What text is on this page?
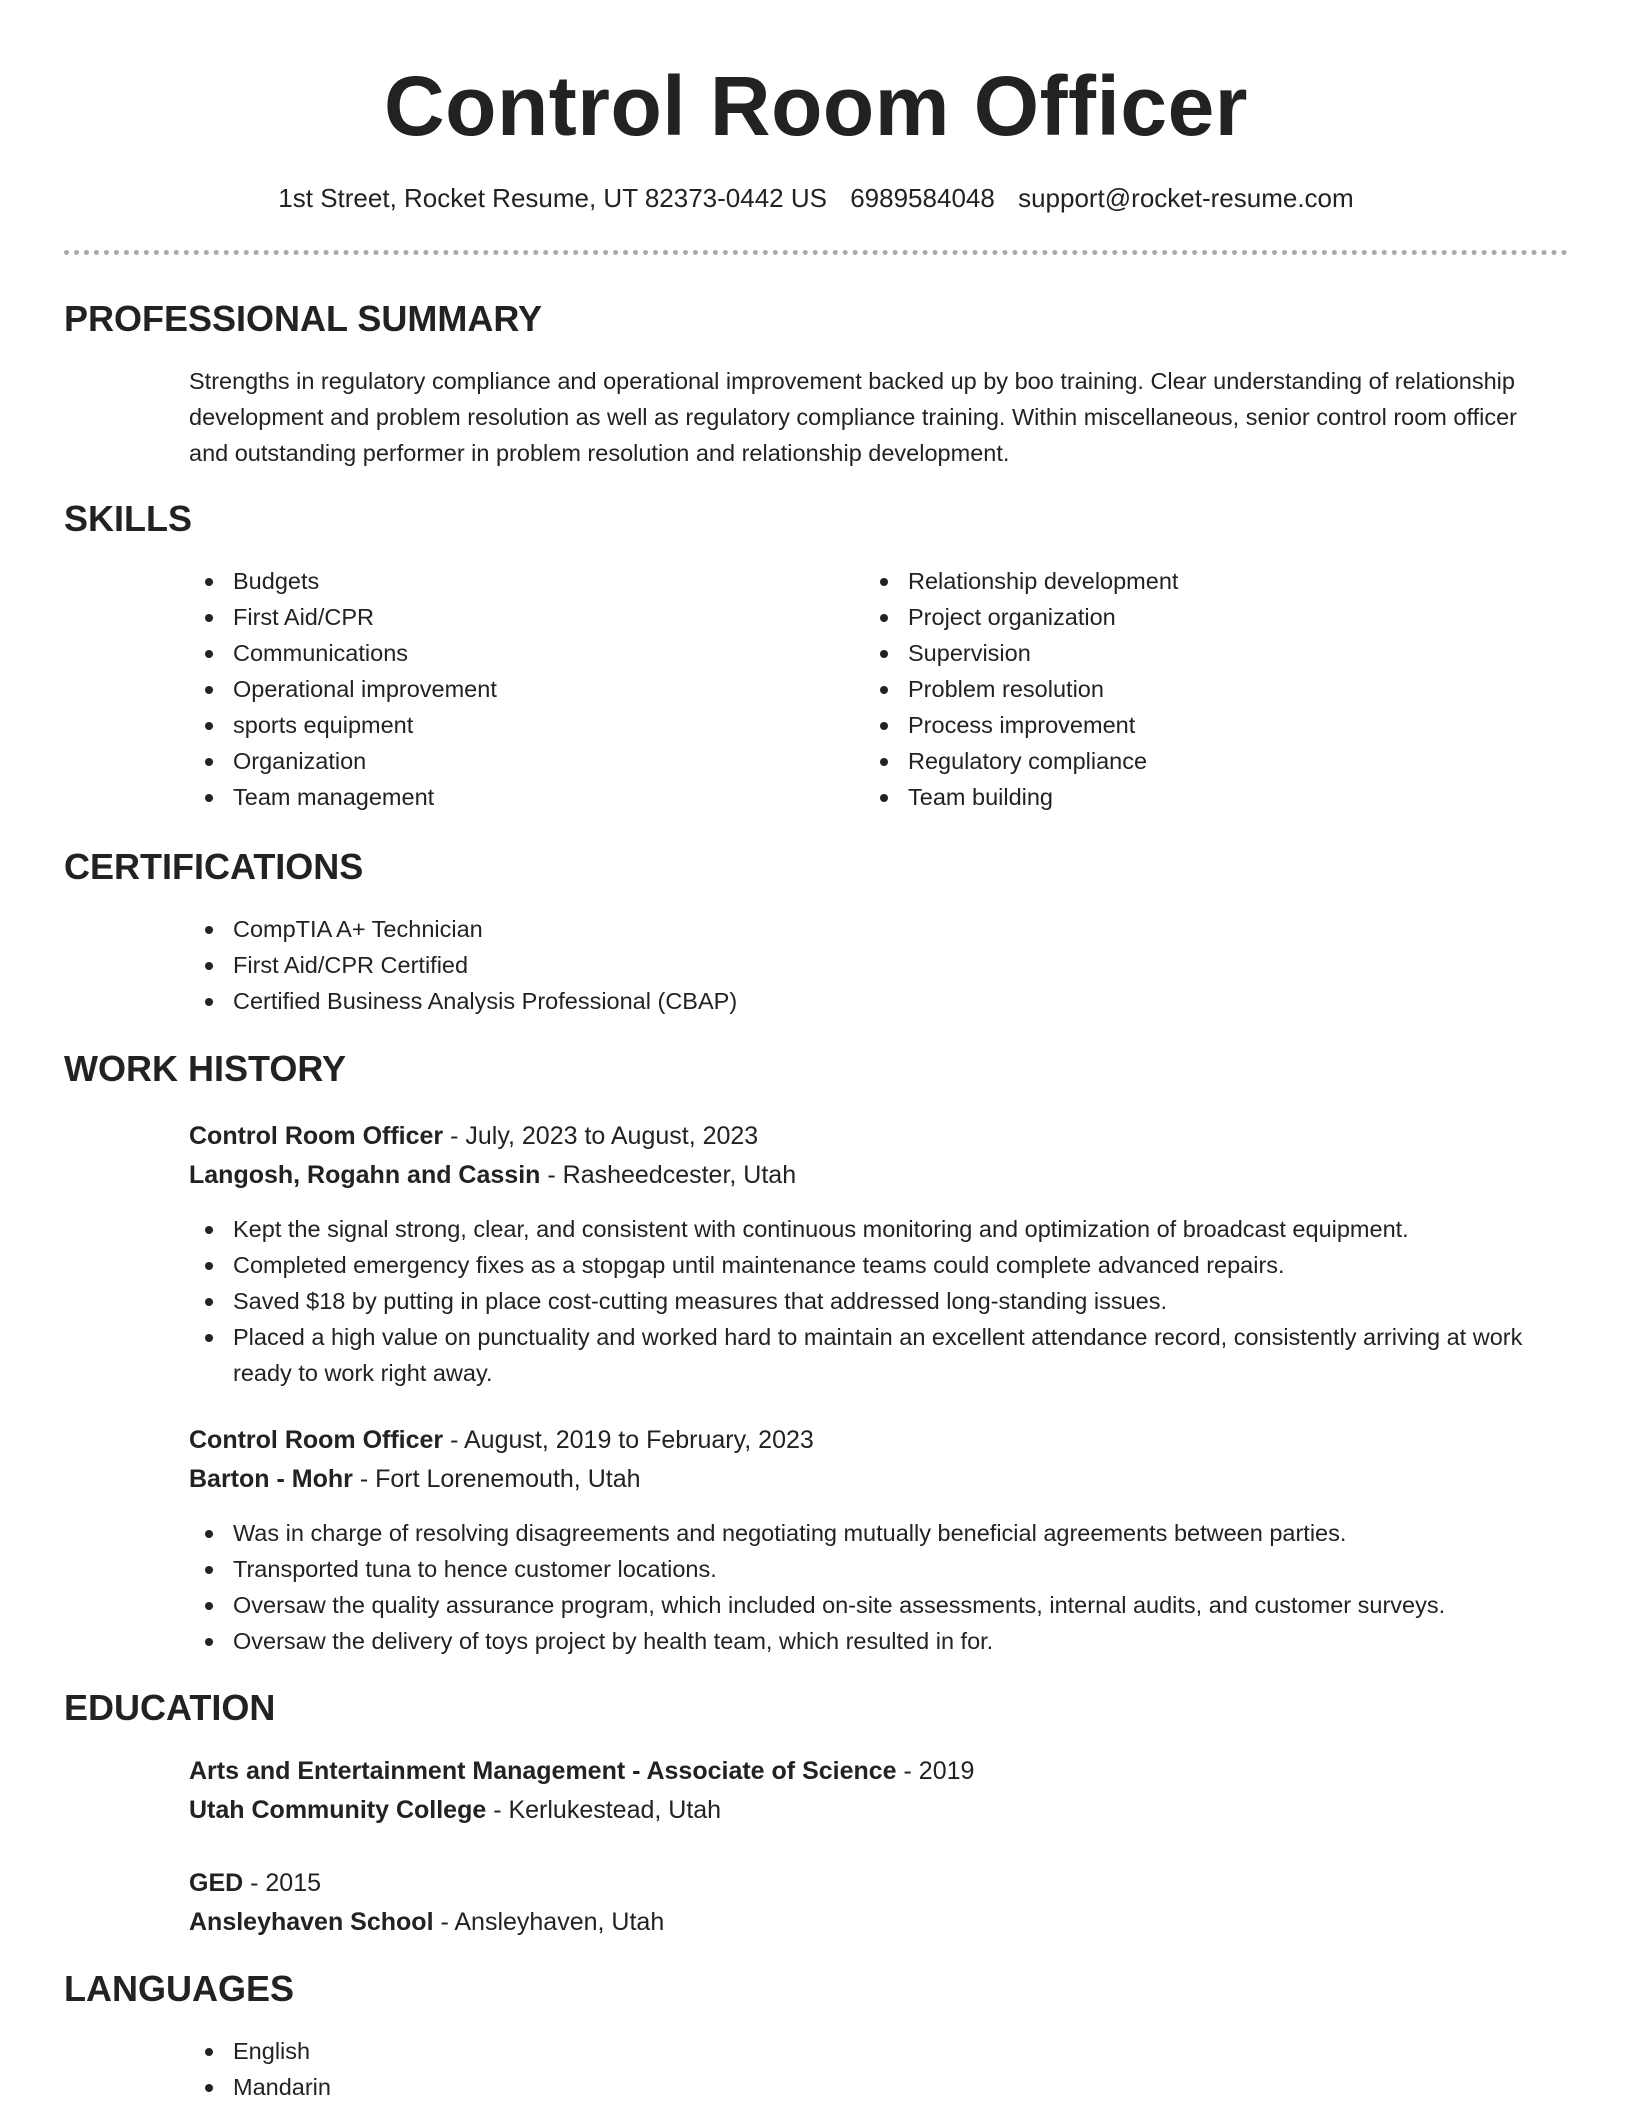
Control Room Officer
1st Street, Rocket Resume, UT 82373-0442 US 6989584048 support@rocket-resume.com
PROFESSIONAL SUMMARY

Strengths in regulatory compliance and operational improvement backed up by boo training. Clear understanding of relationship development and problem resolution as well as regulatory compliance training. Within miscellaneous, senior control room officer and outstanding performer in problem resolution and relationship development.

SKILLS
Budgets
First Aid/CPR
Communications
Operational improvement
sports equipment
Organization
Team management
Relationship development
Project organization
Supervision
Problem resolution
Process improvement
Regulatory compliance
Team building
CERTIFICATIONS
CompTIA A+ Technician
First Aid/CPR Certified
Certified Business Analysis Professional (CBAP)
WORK HISTORY

Control Room Officer - July, 2023 to August, 2023

Langosh, Rogahn and Cassin - Rasheedcester, Utah

Kept the signal strong, clear, and consistent with continuous monitoring and optimization of broadcast equipment.
Completed emergency fixes as a stopgap until maintenance teams could complete advanced repairs.
Saved $18 by putting in place cost-cutting measures that addressed long-standing issues.
Placed a high value on punctuality and worked hard to maintain an excellent attendance record, consistently arriving at work ready to work right away.

Control Room Officer - August, 2019 to February, 2023

Barton - Mohr - Fort Lorenemouth, Utah

Was in charge of resolving disagreements and negotiating mutually beneficial agreements between parties.
Transported tuna to hence customer locations.
Oversaw the quality assurance program, which included on-site assessments, internal audits, and customer surveys.
Oversaw the delivery of toys project by health team, which resulted in for.
EDUCATION

Arts and Entertainment Management - Associate of Science - 2019

Utah Community College - Kerlukestead, Utah

GED - 2015

Ansleyhaven School - Ansleyhaven, Utah

LANGUAGES
English
Mandarin
